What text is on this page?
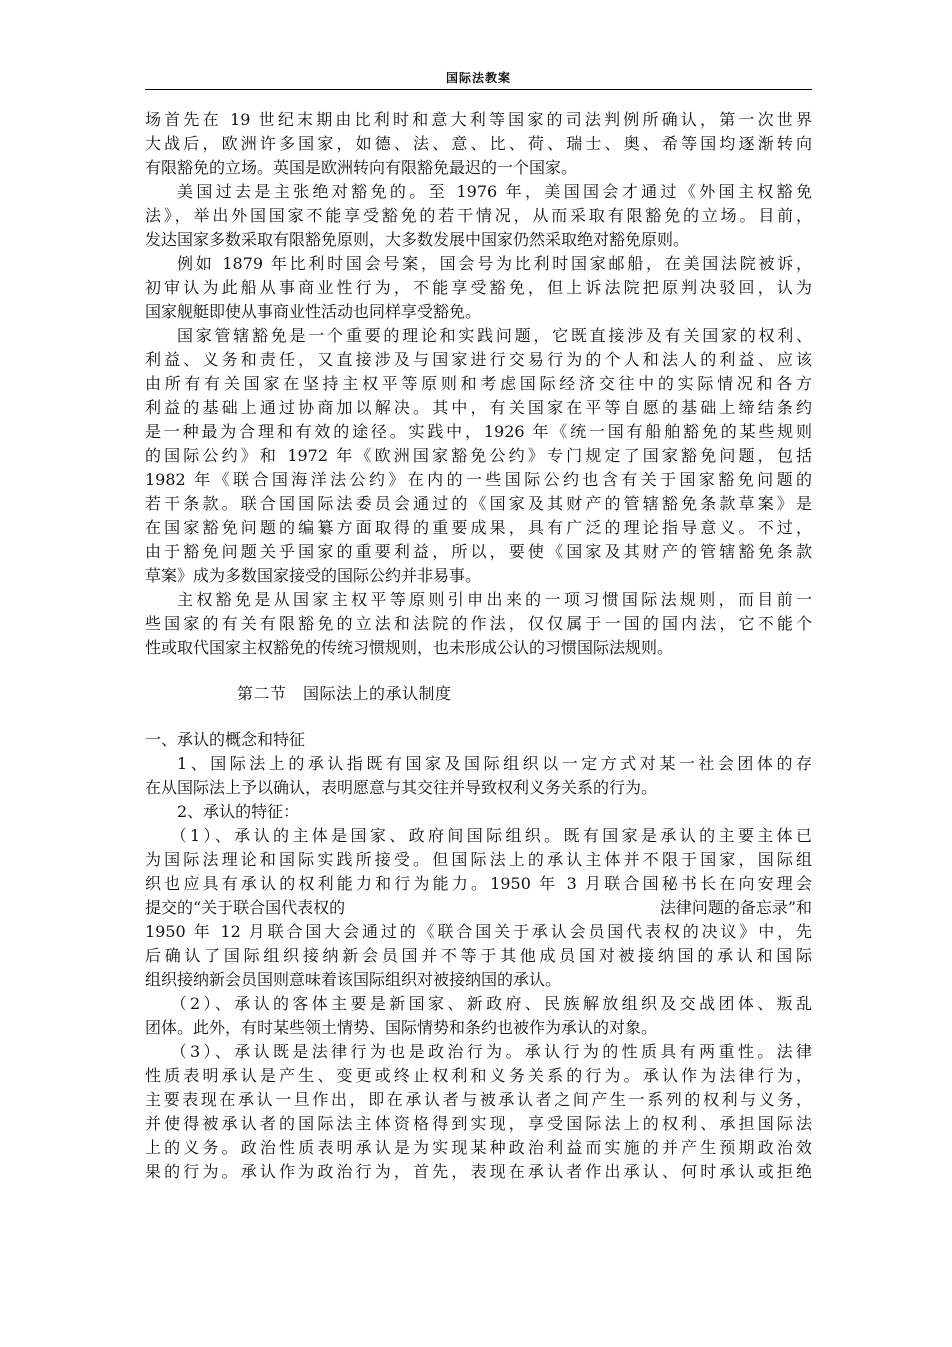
国际法教案

场首先在 19 世纪末期由比利时和意大利等国家的司法判例所确认，第一次世界
大战后，欧洲许多国家，如德、法、意、比、荷、瑞士、奥、希等国均逐渐转向
有限豁免的立场。英国是欧洲转向有限豁免最迟的一个国家。

美国过去是主张绝对豁免的。至 1976 年，美国国会才通过《外国主权豁免
法》，举出外国国家不能享受豁免的若干情况，从而采取有限豁免的立场。目前，
发达国家多数采取有限豁免原则，大多数发展中国家仍然采取绝对豁免原则。

例如 1879 年比利时国会号案，国会号为比利时国家邮船，在美国法院被诉，
初审认为此船从事商业性行为，不能享受豁免，但上诉法院把原判决驳回，认为
国家舰艇即使从事商业性活动也同样享受豁免。

国家管辖豁免是一个重要的理论和实践问题，它既直接涉及有关国家的权利、
利益、义务和责任，又直接涉及与国家进行交易行为的个人和法人的利益、应该
由所有有关国家在坚持主权平等原则和考虑国际经济交往中的实际情况和各方
利益的基础上通过协商加以解决。其中，有关国家在平等自愿的基础上缔结条约
是一种最为合理和有效的途径。实践中，1926 年《统一国有船舶豁免的某些规则
的国际公约》和 1972 年《欧洲国家豁免公约》专门规定了国家豁免问题，包括
1982 年《联合国海洋法公约》在内的一些国际公约也含有关于国家豁免问题的
若干条款。联合国国际法委员会通过的《国家及其财产的管辖豁免条款草案》是
在国家豁免问题的编纂方面取得的重要成果，具有广泛的理论指导意义。不过，
由于豁免问题关乎国家的重要利益，所以，要使《国家及其财产的管辖豁免条款
草案》成为多数国家接受的国际公约并非易事。

主权豁免是从国家主权平等原则引申出来的一项习惯国际法规则，而目前一
些国家的有关有限豁免的立法和法院的作法，仅仅属于一国的国内法，它不能个
性或取代国家主权豁免的传统习惯规则，也未形成公认的习惯国际法规则。

第二节　国际法上的承认制度

一、承认的概念和特征

1、国际法上的承认指既有国家及国际组织以一定方式对某一社会团体的存
在从国际法上予以确认，表明愿意与其交往并导致权利义务关系的行为。

2、承认的特征：

（1）、承认的主体是国家、政府间国际组织。既有国家是承认的主要主体已
为国际法理论和国际实践所接受。但国际法上的承认主体并不限于国家，国际组
织也应具有承认的权利能力和行为能力。1950 年 3 月联合国秘书长在向安理会
提交的“关于联合国代表权的	法律问题的备忘录”和
1950 年 12 月联合国大会通过的《联合国关于承认会员国代表权的决议》中，先
后确认了国际组织接纳新会员国并不等于其他成员国对被接纳国的承认和国际
组织接纳新会员国则意味着该国际组织对被接纳国的承认。

（2）、承认的客体主要是新国家、新政府、民族解放组织及交战团体、叛乱
团体。此外，有时某些领土情势、国际情势和条约也被作为承认的对象。

（3）、承认既是法律行为也是政治行为。承认行为的性质具有两重性。法律
性质表明承认是产生、变更或终止权利和义务关系的行为。承认作为法律行为，
主要表现在承认一旦作出，即在承认者与被承认者之间产生一系列的权利与义务，
并使得被承认者的国际法主体资格得到实现，享受国际法上的权利、承担国际法
上的义务。政治性质表明承认是为实现某种政治利益而实施的并产生预期政治效
果的行为。承认作为政治行为，首先，表现在承认者作出承认、何时承认或拒绝
